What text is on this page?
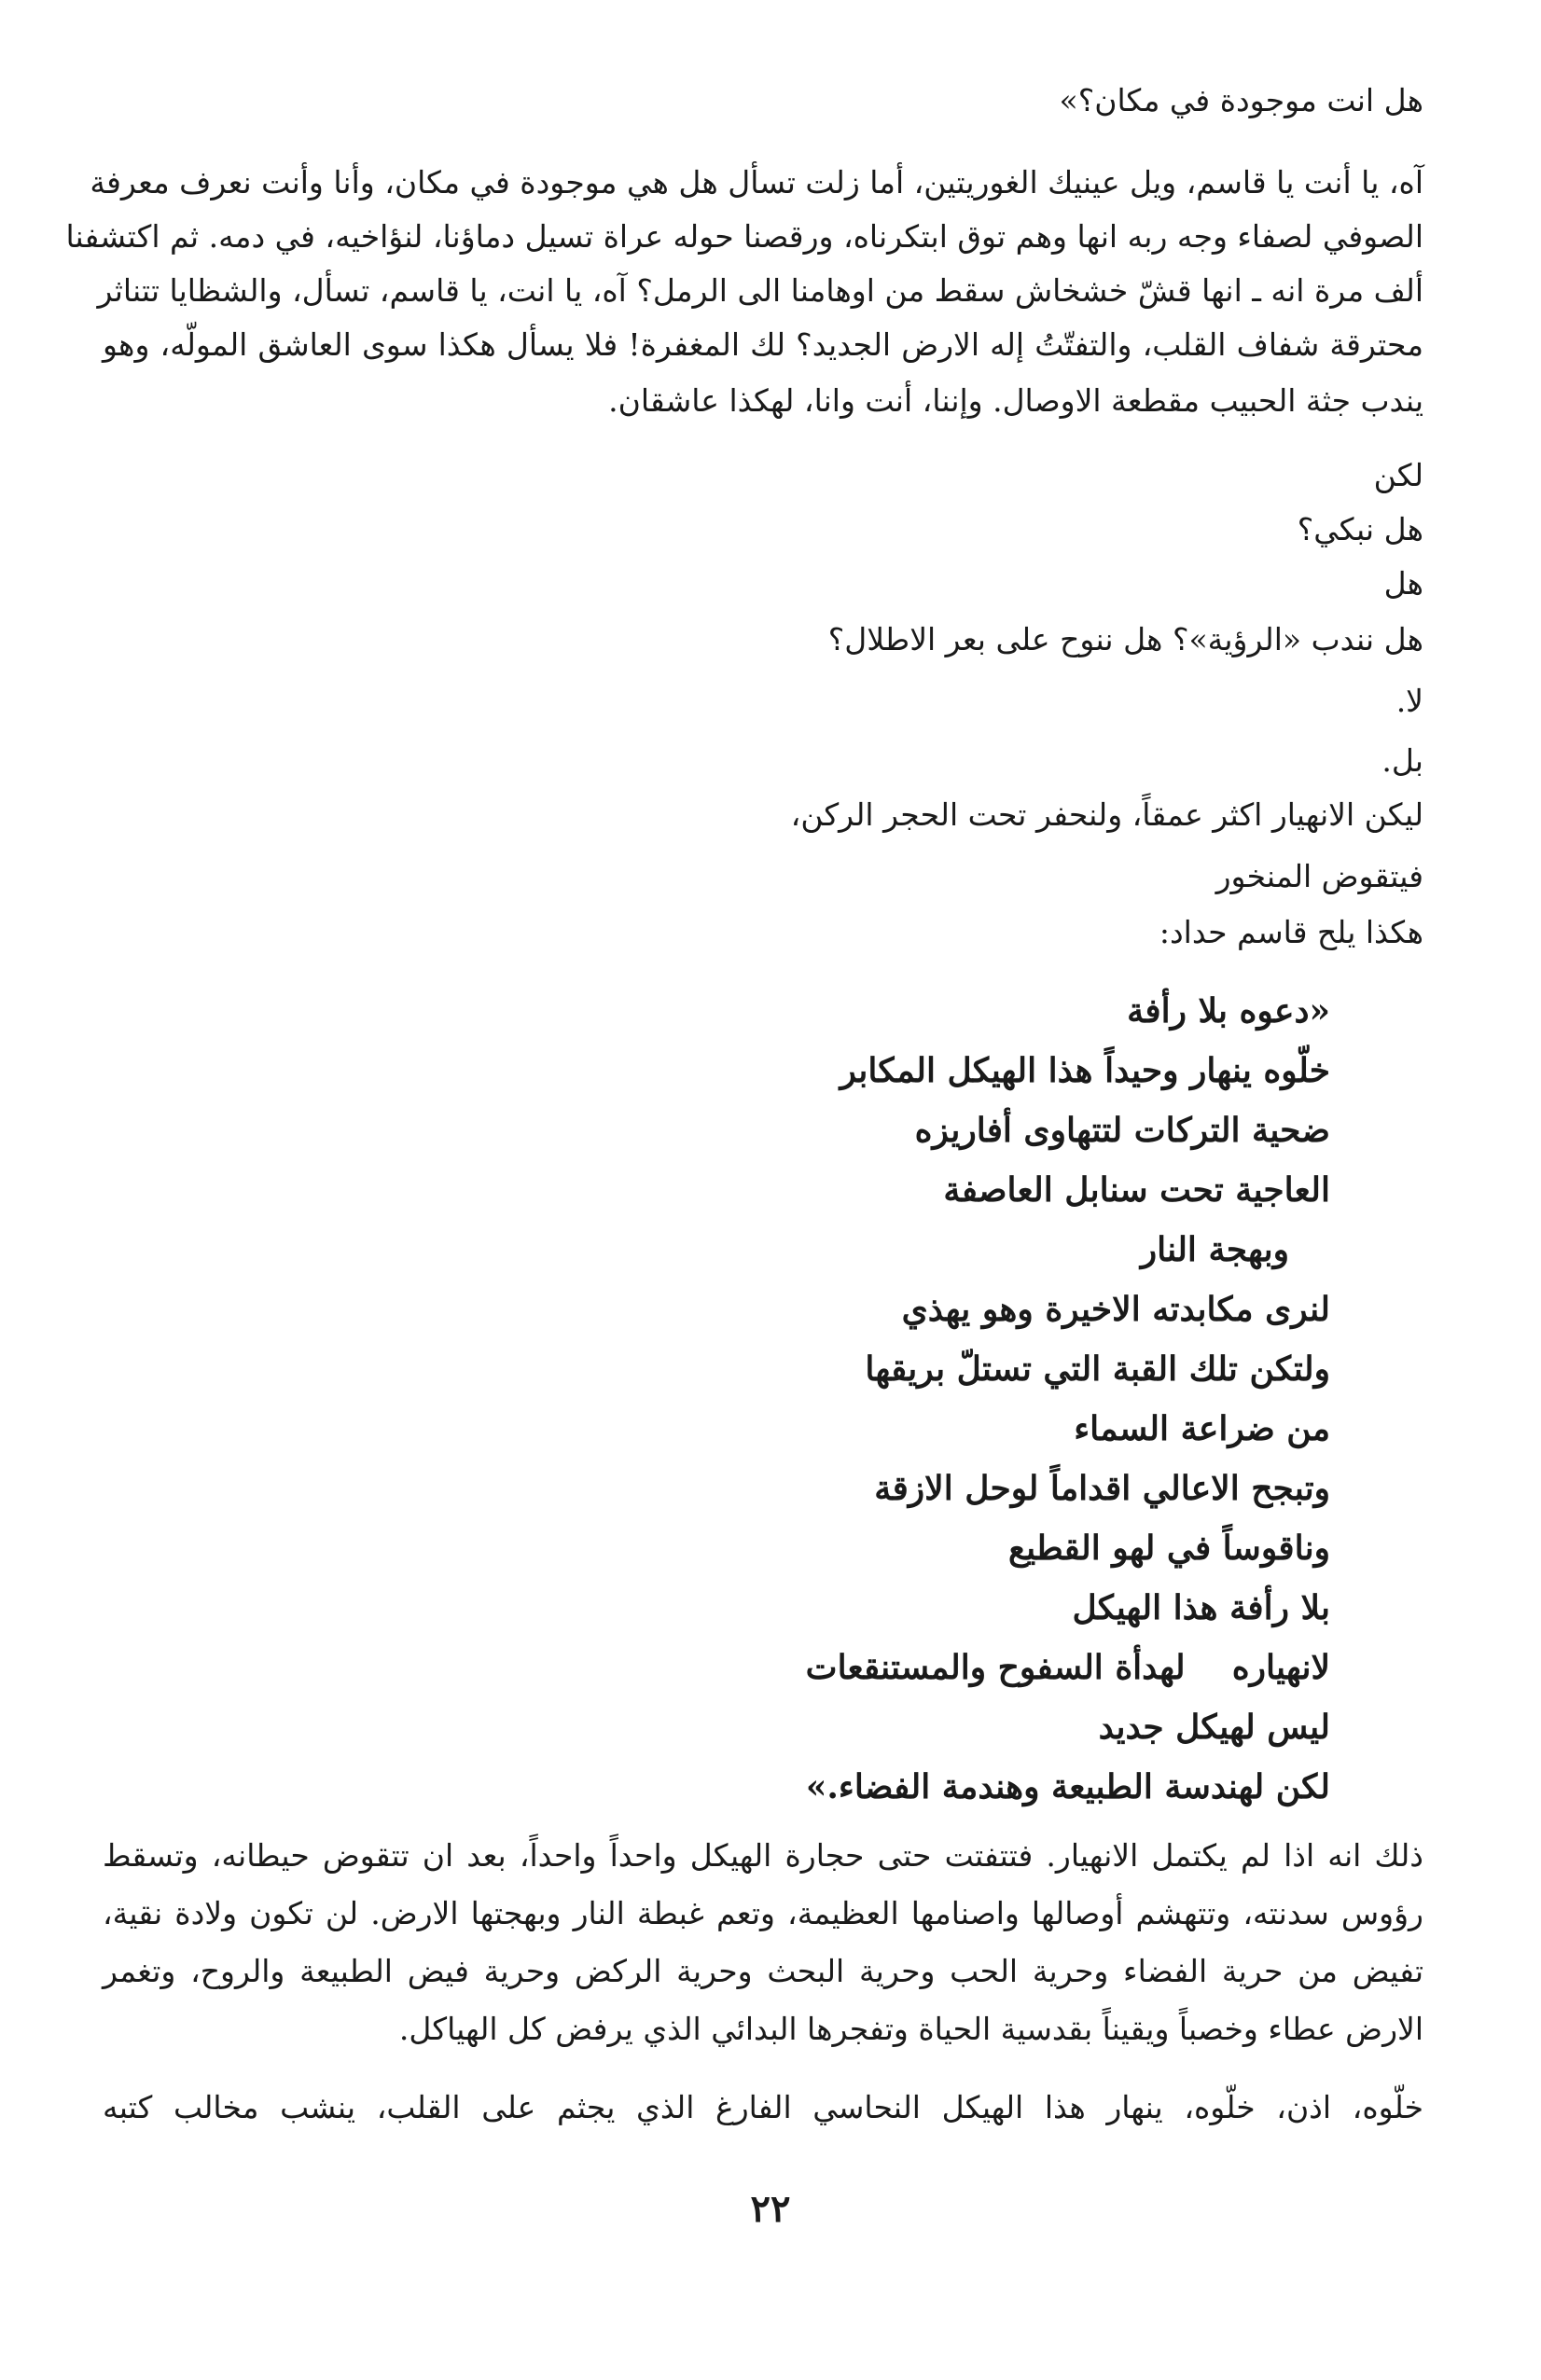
هل انت موجودة في مكان؟»
آه، يا أنت يا قاسم، ويل عينيك الغوريتين، أما زلت تسأل هل هي موجودة في مكان، وأنا وأنت نعرف معرفة
الصوفي لصفاء وجه ربه انها وهم توق ابتكرناه، ورقصنا حوله عراة تسيل دماؤنا، لنؤاخيه، في دمه. ثم اكتشفنا
ألف مرة انه ـ انها قشّ خشخاش سقط من اوهامنا الى الرمل؟ آه، يا انت، يا قاسم، تسأل، والشظايا تتناثر
محترقة شفاف القلب، والتفتّتُ إله الارض الجديد؟ لك المغفرة! فلا يسأل هكذا سوى العاشق المولّه، وهو
يندب جثة الحبيب مقطعة الاوصال. وإننا، أنت وانا، لهكذا عاشقان.
لكن
هل نبكي؟
هل
هل نندب «الرؤية»؟ هل ننوح على بعر الاطلال؟
لا.
بل.
ليكن الانهيار اكثر عمقاً، ولنحفر تحت الحجر الركن،
فيتقوض المنخور
هكذا يلح قاسم حداد:
«دعوه بلا رأفة
خلّوه ينهار وحيداً هذا الهيكل المكابر
ضحية التركات لتتهاوى أفاريزه
العاجية تحت سنابل العاصفة
وبهجة النار
لنرى مكابدته الاخيرة وهو يهذي
ولتكن تلك القبة التي تستلّ بريقها
من ضراعة السماء
وتبجح الاعالي اقداماً لوحل الازقة
وناقوساً في لهو القطيع
بلا رأفة هذا الهيكل
لانهياره    لهدأة السفوح والمستنقعات
ليس لهيكل جديد
لكن لهندسة الطبيعة وهندمة الفضاء.»
ذلك انه اذا لم يكتمل الانهيار. فتتفتت حتى حجارة الهيكل واحداً واحداً، بعد ان تتقوض حيطانه، وتسقط
رؤوس سدنته، وتتهشم أوصالها واصنامها العظيمة، وتعم غبطة النار وبهجتها الارض. لن تكون ولادة نقية،
تفيض من حرية الفضاء وحرية الحب وحرية البحث وحرية الركض وحرية فيض الطبيعة والروح، وتغمر
الارض عطاء وخصباً ويقيناً بقدسية الحياة وتفجرها البدائي الذي يرفض كل الهياكل.
خلّوه، اذن، خلّوه، ينهار هذا الهيكل النحاسي الفارغ الذي يجثم على القلب، ينشب مخالب كتبه
٢٢
